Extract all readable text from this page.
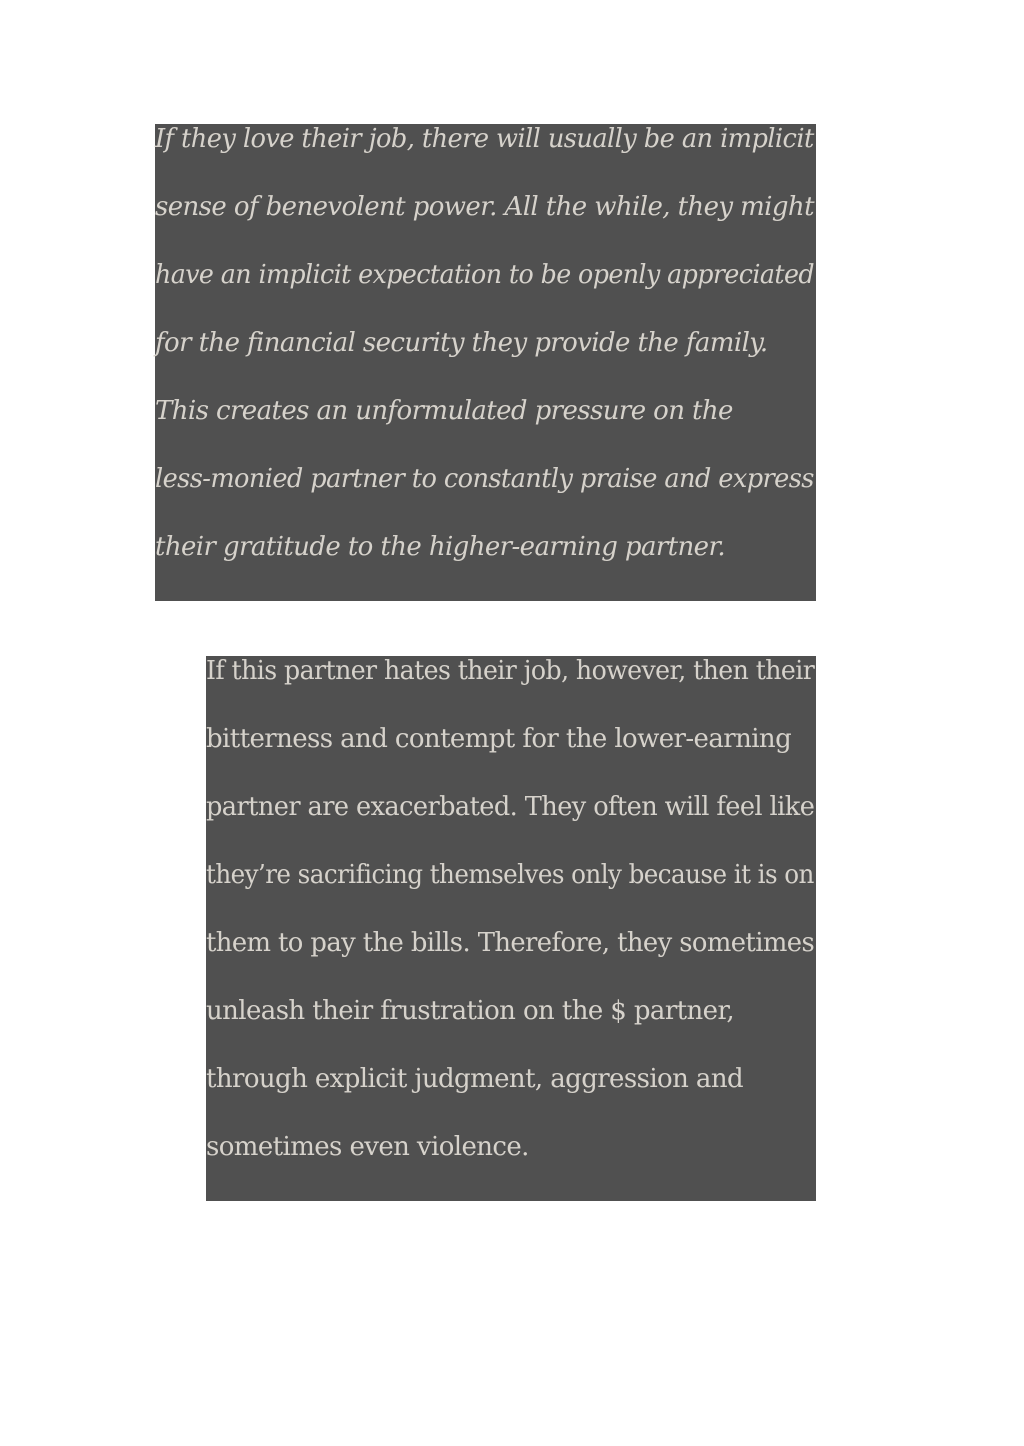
If they love their job, there will usually be an implicit
sense of benevolent power. All the while, they might
have an implicit expectation to be openly appreciated
for the financial security they provide the family.
This creates an unformulated pressure on the
less-monied partner to constantly praise and express
their gratitude to the higher-earning partner.
If this partner hates their job, however, then their
bitterness and contempt for the lower-earning
partner are exacerbated. They often will feel like
they’re sacrificing themselves only because it is on
them to pay the bills. Therefore, they sometimes
unleash their frustration on the $ partner,
through explicit judgment, aggression and
sometimes even violence.
